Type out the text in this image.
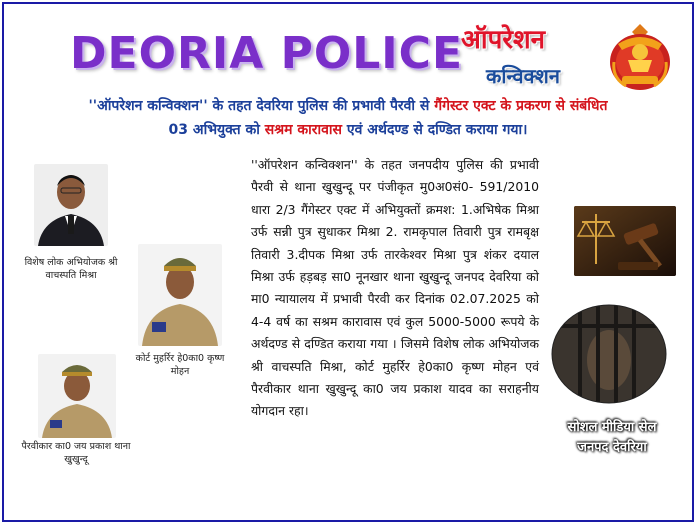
DEORIA POLICE
ऑपरेशन
कन्विक्शन
''ऑपरेशन कन्विक्शन'' के तहत देवरिया पुलिस की प्रभावी पैरवी से गैंगेस्टर एक्ट के प्रकरण से संबंधित
03 अभियुक्त को सश्रम कारावास एवं अर्थदण्ड से दण्डित कराया गया।

''ऑपरेशन कन्विक्शन'' के तहत जनपदीय पुलिस की प्रभावी पैरवी से थाना खुखुन्दू पर पंजीकृत मु0अ0सं0- 591/2010 धारा 2/3 गैंगेस्टर एक्ट में अभियुक्तों क्रमश: 1.अभिषेक मिश्रा उर्फ सन्नी पुत्र सुधाकर मिश्रा 2. रामकृपाल तिवारी पुत्र रामबृक्ष तिवारी 3.दीपक मिश्रा उर्फ तारकेश्वर मिश्रा पुत्र शंकर दयाल मिश्रा उर्फ हड़बड़ सा0 नूनखार थाना खुखुन्दू जनपद देवरिया को मा0 न्यायालय में प्रभावी पैरवी कर दिनांक 02.07.2025 को 4-4 वर्ष का सश्रम कारावास एवं कुल 5000-5000 रूपये के अर्थदण्ड से दण्डित कराया गया । जिसमे विशेष लोक अभियोजक श्री वाचस्पति मिश्रा, कोर्ट मुहर्रिर हे0का0 कृष्ण मोहन एवं पैरवीकार थाना खुखुन्दू का0 जय प्रकाश यादव का सराहनीय योगदान रहा।

विशेष लोक अभियोजक श्री वाचस्पति मिश्रा
कोर्ट मुहर्रिर हे0का0 कृष्ण मोहन
पैरवीकार का0 जय प्रकाश थाना खुखुन्दू
सोशल मीडिया सेल
जनपद देवरिया
